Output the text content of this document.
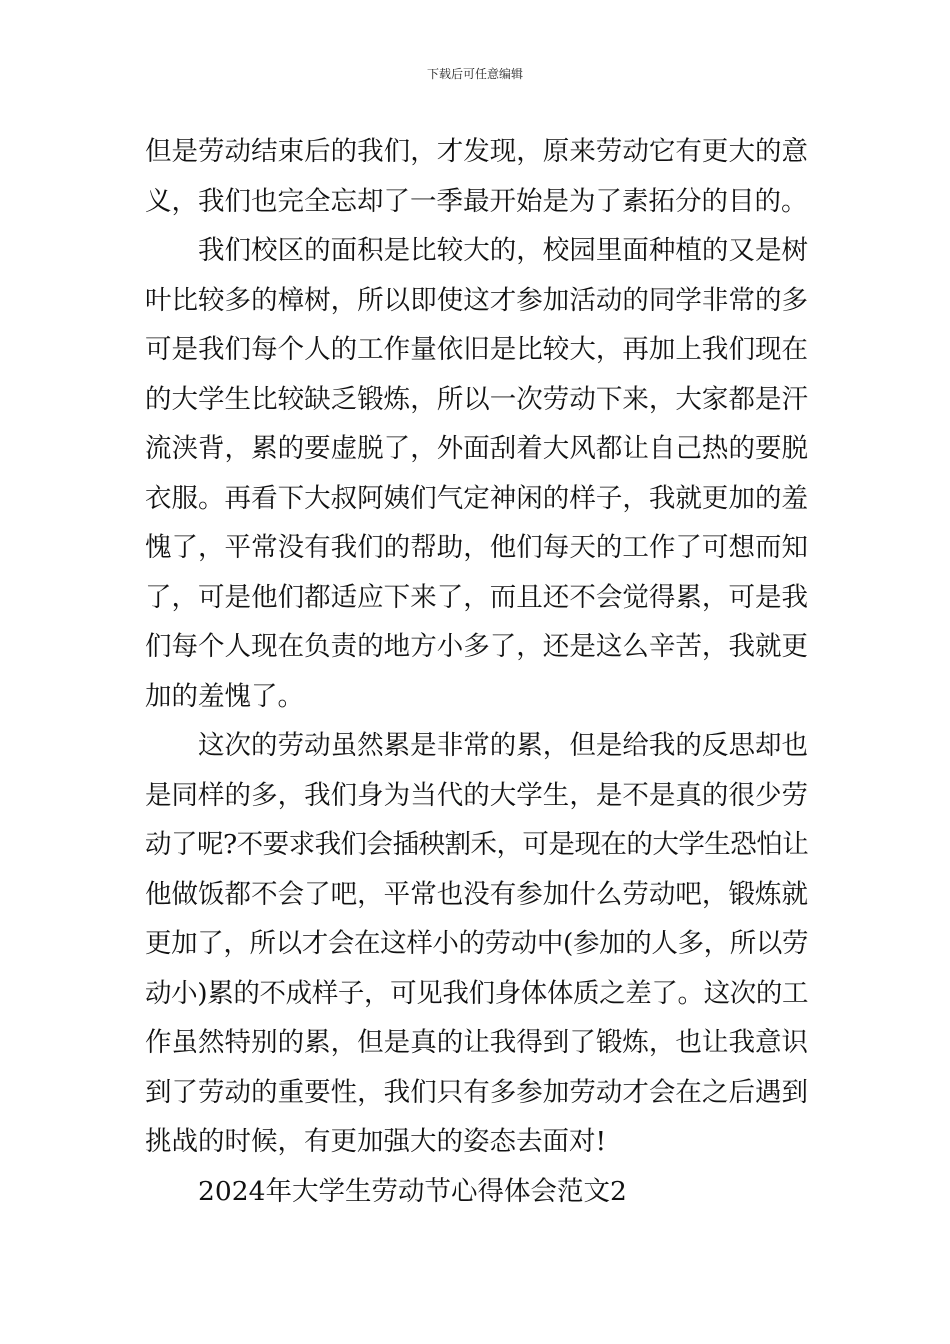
下载后可任意编辑
但是劳动结束后的我们，才发现，原来劳动它有更大的意
义，我们也完全忘却了一季最开始是为了素拓分的目的。
我们校区的面积是比较大的，校园里面种植的又是树
叶比较多的樟树，所以即使这才参加活动的同学非常的多
可是我们每个人的工作量依旧是比较大，再加上我们现在
的大学生比较缺乏锻炼，所以一次劳动下来，大家都是汗
流浃背，累的要虚脱了，外面刮着大风都让自己热的要脱
衣服。再看下大叔阿姨们气定神闲的样子，我就更加的羞
愧了，平常没有我们的帮助，他们每天的工作了可想而知
了，可是他们都适应下来了，而且还不会觉得累，可是我
们每个人现在负责的地方小多了，还是这么辛苦，我就更
加的羞愧了。
这次的劳动虽然累是非常的累，但是给我的反思却也
是同样的多，我们身为当代的大学生，是不是真的很少劳
动了呢?不要求我们会插秧割禾，可是现在的大学生恐怕让
他做饭都不会了吧，平常也没有参加什么劳动吧，锻炼就
更加了，所以才会在这样小的劳动中(参加的人多，所以劳
动小)累的不成样子，可见我们身体体质之差了。这次的工
作虽然特别的累，但是真的让我得到了锻炼，也让我意识
到了劳动的重要性，我们只有多参加劳动才会在之后遇到
挑战的时候，有更加强大的姿态去面对!
2024年大学生劳动节心得体会范文2
